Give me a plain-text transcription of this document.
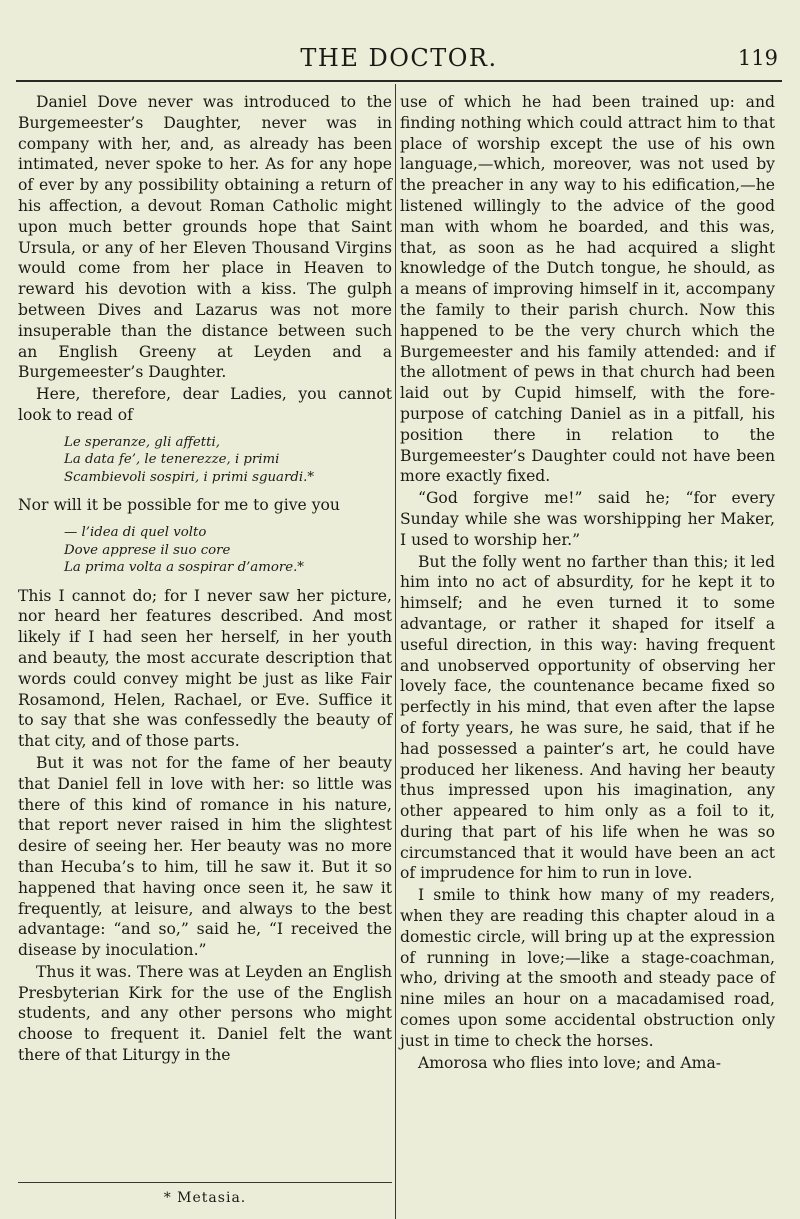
THE DOCTOR.	119

Daniel Dove never was introduced to the Burgemeester’s Daughter, never was in company with her, and, as already has been intimated, never spoke to her. As for any hope of ever by any possibility obtaining a return of his affection, a devout Roman Catholic might upon much better grounds hope that Saint Ursula, or any of her Eleven Thousand Virgins would come from her place in Heaven to reward his devotion with a kiss. The gulph between Dives and Lazarus was not more insuperable than the distance between such an English Greeny at Leyden and a Burgemeester’s Daughter.

Here, therefore, dear Ladies, you cannot look to read of

Le speranze, gli affetti,
La data fe’, le tenerezze, i primi
Scambievoli sospiri, i primi sguardi.*

Nor will it be possible for me to give you

— l’idea di quel volto
Dove apprese il suo core
La prima volta a sospirar d’amore.*

This I cannot do; for I never saw her picture, nor heard her features described. And most likely if I had seen her herself, in her youth and beauty, the most accurate description that words could convey might be just as like Fair Rosamond, Helen, Rachael, or Eve. Suffice it to say that she was confessedly the beauty of that city, and of those parts.

But it was not for the fame of her beauty that Daniel fell in love with her: so little was there of this kind of romance in his nature, that report never raised in him the slightest desire of seeing her. Her beauty was no more than Hecuba’s to him, till he saw it. But it so happened that having once seen it, he saw it frequently, at leisure, and always to the best advantage: “and so,” said he, “I received the disease by inoculation.”

Thus it was. There was at Leyden an English Presbyterian Kirk for the use of the English students, and any other persons who might choose to frequent it. Daniel felt the want there of that Liturgy in the

use of which he had been trained up: and finding nothing which could attract him to that place of worship except the use of his own language,—which, moreover, was not used by the preacher in any way to his edification,—he listened willingly to the advice of the good man with whom he boarded, and this was, that, as soon as he had acquired a slight knowledge of the Dutch tongue, he should, as a means of improving himself in it, accompany the family to their parish church. Now this happened to be the very church which the Burgemeester and his family attended: and if the allotment of pews in that church had been laid out by Cupid himself, with the fore-purpose of catching Daniel as in a pitfall, his position there in relation to the Burgemeester’s Daughter could not have been more exactly fixed.

“God forgive me!” said he; “for every Sunday while she was worshipping her Maker, I used to worship her.”

But the folly went no farther than this; it led him into no act of absurdity, for he kept it to himself; and he even turned it to some advantage, or rather it shaped for itself a useful direction, in this way: having frequent and unobserved opportunity of observing her lovely face, the countenance became fixed so perfectly in his mind, that even after the lapse of forty years, he was sure, he said, that if he had possessed a painter’s art, he could have produced her likeness. And having her beauty thus impressed upon his imagination, any other appeared to him only as a foil to it, during that part of his life when he was so circumstanced that it would have been an act of imprudence for him to run in love.

I smile to think how many of my readers, when they are reading this chapter aloud in a domestic circle, will bring up at the expression of running in love;—like a stage-coachman, who, driving at the smooth and steady pace of nine miles an hour on a macadamised road, comes upon some accidental obstruction only just in time to check the horses.

Amorosa who flies into love; and Ama-

* Metasia.
